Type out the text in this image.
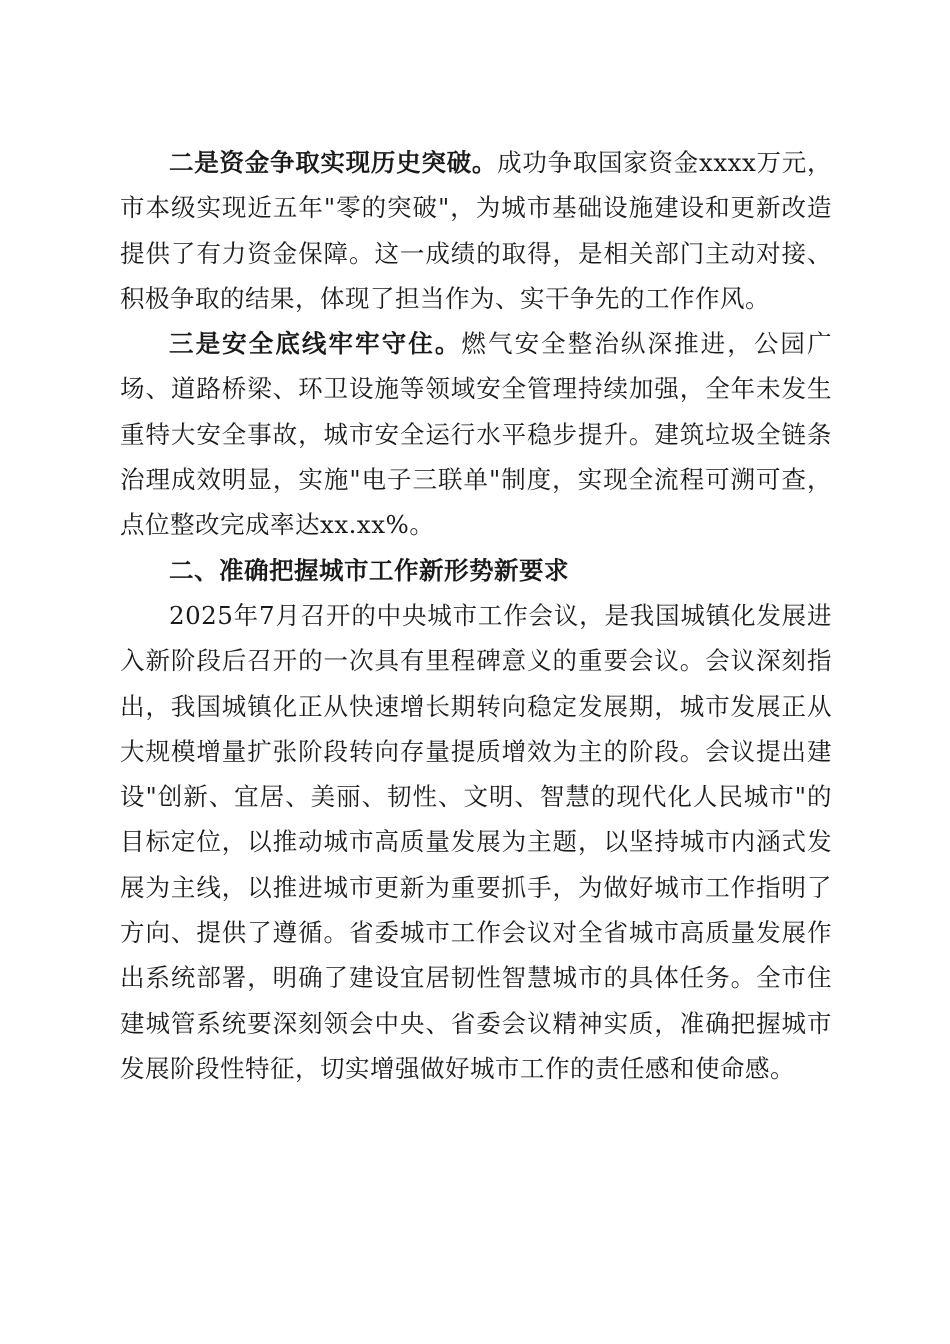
二是资金争取实现历史突破。成功争取国家资金xxxx万元，市本级实现近五年"零的突破"，为城市基础设施建设和更新改造提供了有力资金保障。这一成绩的取得，是相关部门主动对接、积极争取的结果，体现了担当作为、实干争先的工作作风。

三是安全底线牢牢守住。燃气安全整治纵深推进，公园广场、道路桥梁、环卫设施等领域安全管理持续加强，全年未发生重特大安全事故，城市安全运行水平稳步提升。建筑垃圾全链条治理成效明显，实施"电子三联单"制度，实现全流程可溯可查，点位整改完成率达xx.xx%。

二、准确把握城市工作新形势新要求

2025年7月召开的中央城市工作会议，是我国城镇化发展进入新阶段后召开的一次具有里程碑意义的重要会议。会议深刻指出，我国城镇化正从快速增长期转向稳定发展期，城市发展正从大规模增量扩张阶段转向存量提质增效为主的阶段。会议提出建设"创新、宜居、美丽、韧性、文明、智慧的现代化人民城市"的目标定位，以推动城市高质量发展为主题，以坚持城市内涵式发展为主线，以推进城市更新为重要抓手，为做好城市工作指明了方向、提供了遵循。省委城市工作会议对全省城市高质量发展作出系统部署，明确了建设宜居韧性智慧城市的具体任务。全市住建城管系统要深刻领会中央、省委会议精神实质，准确把握城市发展阶段性特征，切实增强做好城市工作的责任感和使命感。
